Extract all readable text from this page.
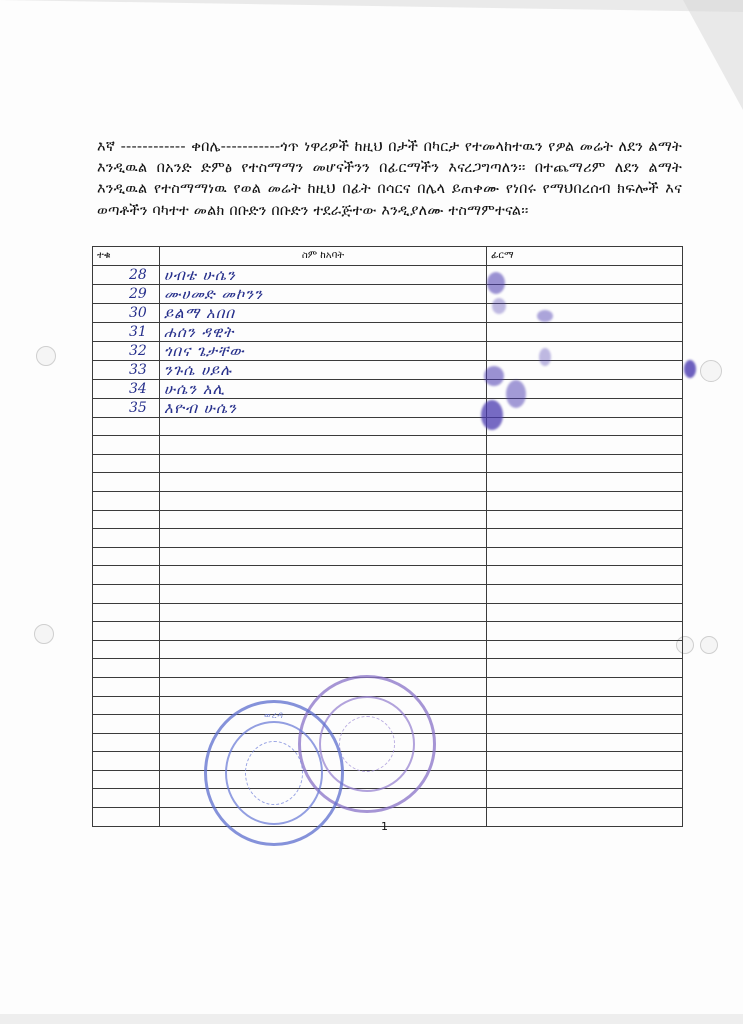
እኛ ------------ ቀበሌ-----------ጎጥ ነዋሪዎች ከዚህ በታች በካርታ የተመላከተዉን የዎል መሬት ለደን ልማት እንዲዉል በአንድ ድምፅ የተስማማን መሆናችንን በፊርማችን እናረጋግጣለን፡፡ በተጨማሪም ለደን ልማት እንዲዉል የተስማማነዉ የወል መሬት ከዚህ በፊት በሳርና በሌላ ይጠቀሙ የነበሩ የማህበረሰብ ክፍሎች እና ወጣቶችን ባካተተ መልክ በቡድን በቡድን ተደራጅተው እንዲያለሙ ተስማምተናል፡፡

ተቁ	ስም ከአባት	ፊርማ
28	ሀብቴ ሁሴን	
29	ሙሀመድ መኮንን	
30	ይልማ አበበ	
31	ሐሰን ዳዊት	
32	ጎበና ጌታቸው	
33	ንጉሴ ሀይሉ	
34	ሁሴን አሊ	
35	እዮብ ሁሴን	

ወረዳ
1
